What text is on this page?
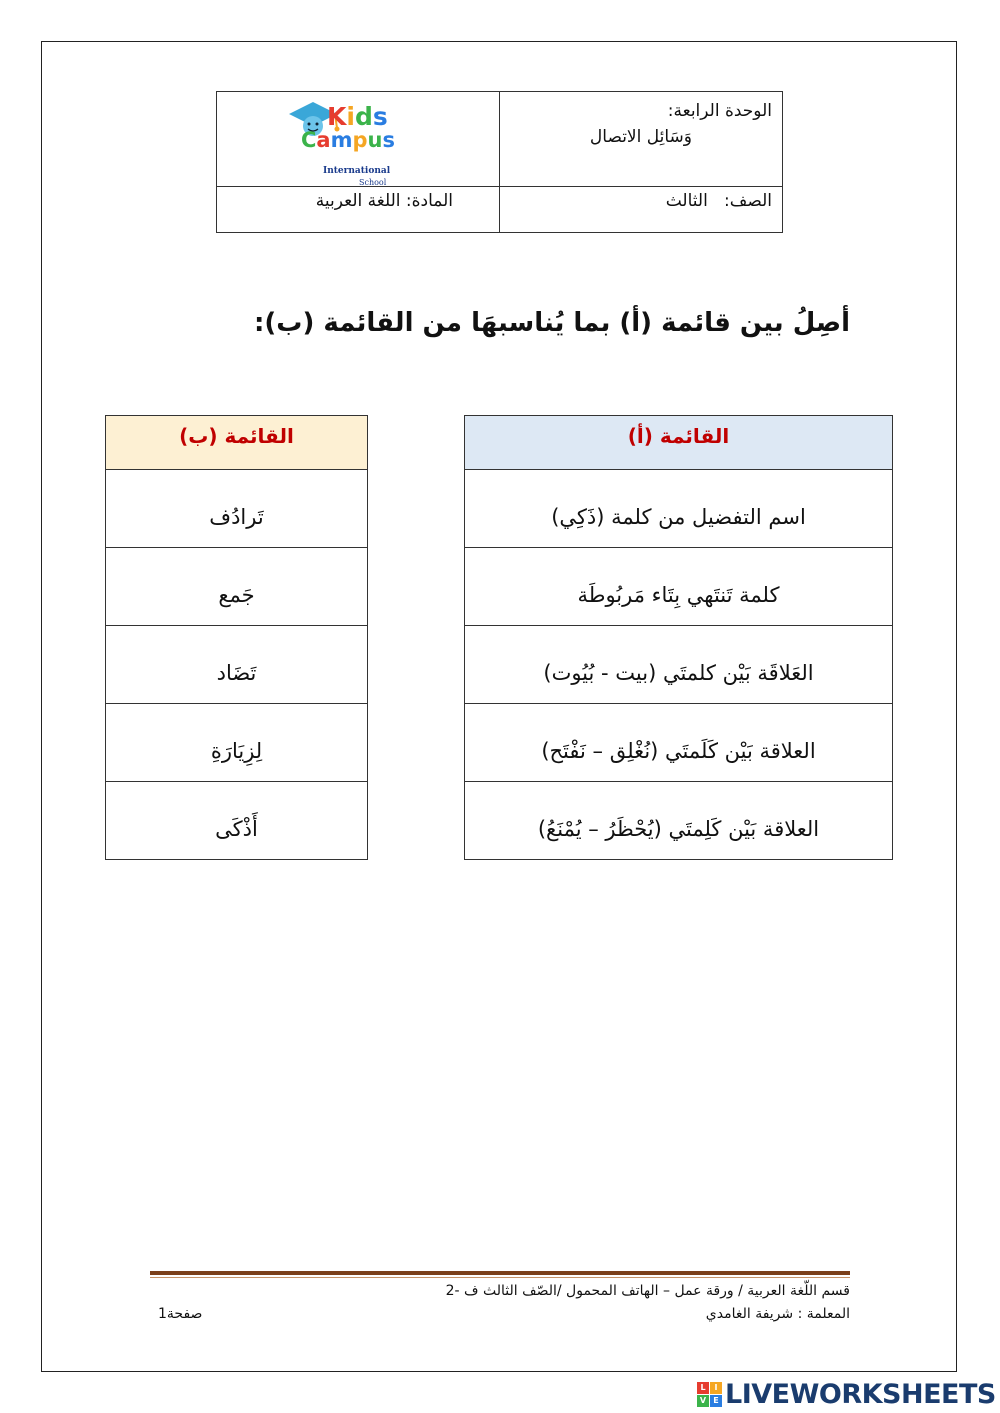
Kids
Campus
International
School	الوحدة الرابعة:
وَسَائِل الاتصال

المادة: اللغة العربية	الصف:   الثالث
أصِلُ بين قائمة (أ) بما يُناسبهَا من القائمة (ب):
القائمة (أ)
اسم التفضيل من كلمة (ذَكِي)
كلمة تَنتَهي بِتَاء مَربُوطَة
العَلاقَة بَيْن كلمتَي (بيت - بُيُوت)
العلاقة بَيْن كَلَمتَي (نُغْلِق – نَفْتَح)
العلاقة بَيْن كَلِمتَي (يُحْظَرُ – يُمْنَعُ)
القائمة (ب)
تَرادُف
جَمع
تَضَاد
لِزِيَارَةِ
أَذْكَى
قسم اللّغة العربية / ورقة عمل – الهاتف المحمول /الصّف الثالث ف -2
المعلمة : شريفة الغامدي
صفحة1
L	I
V E LIVEWORKSHEETS
